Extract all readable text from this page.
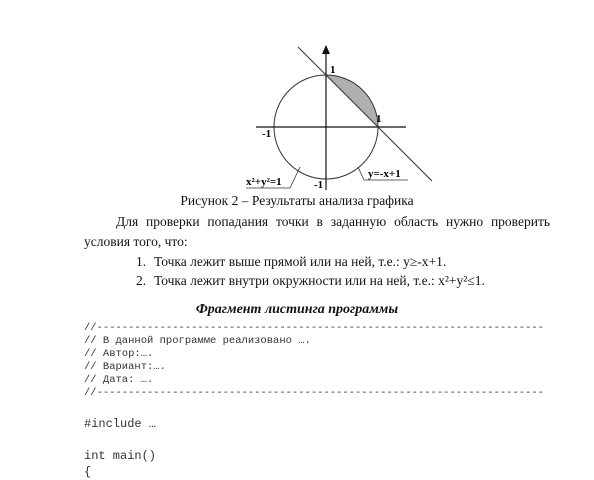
1
1
-1
-1
x²+y²=1
y=-x+1
Рисунок 2 – Результаты анализа графика
Для проверки попадания точки в заданную область нужно проверить условия того, что:
1. Точка лежит выше прямой или на ней, т.е.: y≥-x+1.
2. Точка лежит внутри окружности или на ней, т.е.: x²+y²≤1.
Фрагмент листинга программы
//-----------------------------------------------------------------------
// В данной программе реализовано ….
// Автор:….
// Вариант:….
// Дата: ….
//-----------------------------------------------------------------------
#include …
int main()
{
